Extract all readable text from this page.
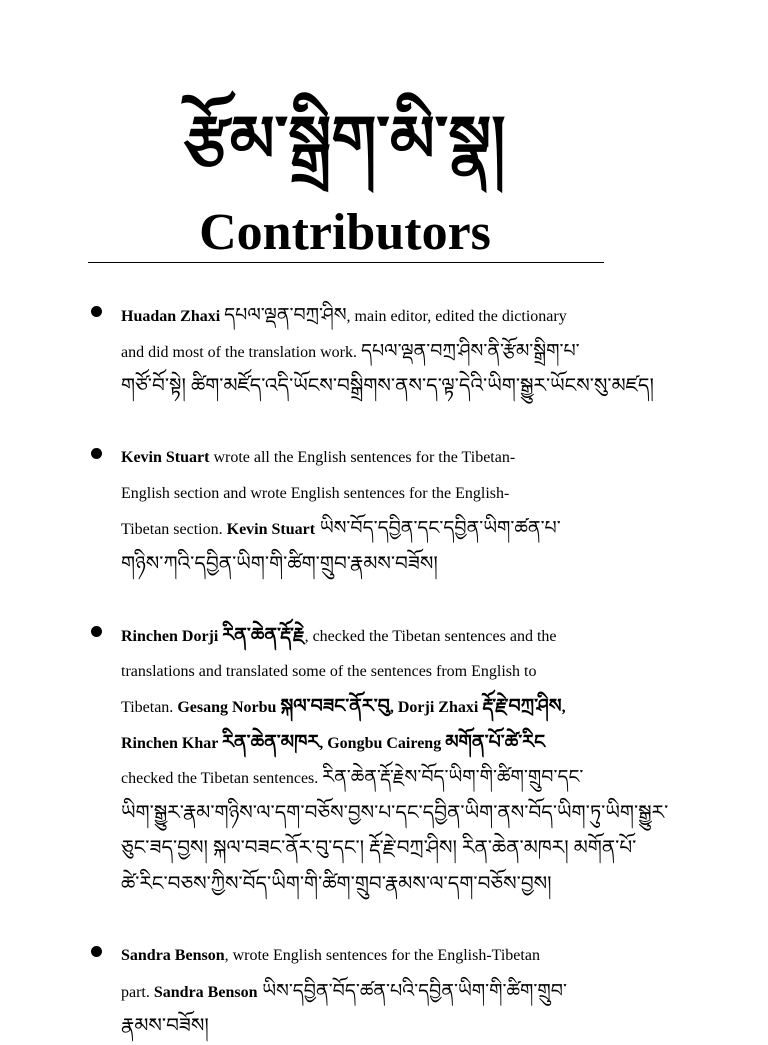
རྩོམ་སྒྲིག་མི་སྣ།
Contributors
Huadan Zhaxi དཔལ་ལྡན་བཀྲ་ཤིས, main editor, edited the dictionary
and did most of the translation work. དཔལ་ལྡན་བཀྲ་ཤིས་ནི་རྩོམ་སྒྲིག་པ་
གཙོ་བོ་སྟེ། ཚིག་མཛོད་འདི་ཡོངས་བསྒྲིགས་ནས་ད་ལྟ་དེའི་ཡིག་སྒྱུར་ཡོངས་སུ་མཛད།
Kevin Stuart wrote all the English sentences for the Tibetan-
English section and wrote English sentences for the English-
Tibetan section. Kevin Stuart ཡིས་བོད་དབྱིན་དང་དབྱིན་ཡིག་ཚན་པ་
གཉིས་ཀའི་དབྱིན་ཡིག་གི་ཚིག་གྲུབ་རྣམས་བཟོས།
Rinchen Dorji རིན་ཆེན་རྡོ་རྗེ, checked the Tibetan sentences and the
translations and translated some of the sentences from English to
Tibetan. Gesang Norbu སྐལ་བཟང་ནོར་བུ, Dorji Zhaxi རྡོ་རྗེ་བཀྲ་ཤིས,
Rinchen Khar རིན་ཆེན་མཁར, Gongbu Caireng མགོན་པོ་ཚེ་རིང
checked the Tibetan sentences. རིན་ཆེན་རྡོ་རྗེས་བོད་ཡིག་གི་ཚིག་གྲུབ་དང་
ཡིག་སྒྱུར་རྣམ་གཉིས་ལ་དག་བཅོས་བྱས་པ་དང་དབྱིན་ཡིག་ནས་བོད་ཡིག་ཏུ་ཡིག་སྒྱུར་
ཅུང་ཟད་བྱས། སྐལ་བཟང་ནོར་བུ་དང་། རྡོ་རྗེ་བཀྲ་ཤིས། རིན་ཆེན་མཁར། མགོན་པོ་
ཚེ་རིང་བཅས་ཀྱིས་བོད་ཡིག་གི་ཚིག་གྲུབ་རྣམས་ལ་དག་བཅོས་བྱས།
Sandra Benson, wrote English sentences for the English-Tibetan
part. Sandra Benson ཡིས་དབྱིན་བོད་ཚན་པའི་དབྱིན་ཡིག་གི་ཚིག་གྲུབ་
རྣམས་བཟོས།
